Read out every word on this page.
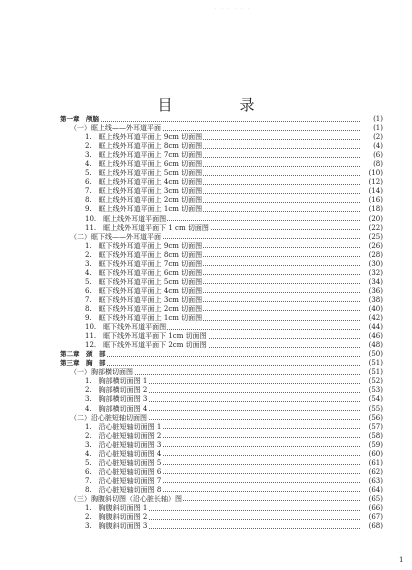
· · · · · ·
目　录
第一章　颅脑	(1)
（一）眶上线——外耳道平面	(1)
1.　眶上线外耳道平面上 9cm 切面图	(2)
2.　眶上线外耳道平面上 8cm 切面图	(4)
3.　眶上线外耳道平面上 7cm 切面图	(6)
4.　眶上线外耳道平面上 6cm 切面图	(8)
5.　眶上线外耳道平面上 5cm 切面图	(10)
6.　眶上线外耳道平面上 4cm 切面图	(12)
7.　眶上线外耳道平面上 3cm 切面图	(14)
8.　眶上线外耳道平面上 2cm 切面图	(16)
9.　眶上线外耳道平面上 1cm 切面图	(18)
10.　眶上线外耳道平面图	(20)
11.　眶上线外耳道平面下 1 cm 切面图	(22)
（二）眶下线——外耳道平面	(25)
1.　眶下线外耳道平面上 9cm 切面图	(26)
2.　眶下线外耳道平面上 8cm 切面图	(28)
3.　眶下线外耳道平面上 7cm 切面图	(30)
4.　眶下线外耳道平面上 6cm 切面图	(32)
5.　眶下线外耳道平面上 5cm 切面图	(34)
6.　眶下线外耳道平面上 4cm 切面图	(36)
7.　眶下线外耳道平面上 3cm 切面图	(38)
8.　眶下线外耳道平面上 2cm 切面图	(40)
9.　眶下线外耳道平面上 1cm 切面图	(42)
10.　眶下线外耳道平面图	(44)
11.　眶下线外耳道平面下 1cm 切面图	(46)
12.　眶下线外耳道平面下 2cm 切面图	(48)
第二章　颈　部	(50)
第三章　胸　部	(51)
（一）胸部横切面图	(51)
1.　胸部横切面图 1	(52)
2.　胸部横切面图 2	(53)
3.　胸部横切面图 3	(54)
4.　胸部横切面图 4	(55)
（二）沿心脏短轴切面图	(56)
1.　沿心脏短轴切面图 1	(57)
2.　沿心脏短轴切面图 2	(58)
3.　沿心脏短轴切面图 3	(59)
4.　沿心脏短轴切面图 4	(60)
5.　沿心脏短轴切面图 5	(61)
6.　沿心脏短轴切面图 6	(62)
7.　沿心脏短轴切面图 7	(63)
8.　沿心脏短轴切面图 8	(64)
（三）胸腹斜切图（沿心脏长轴）图	(65)
1.　胸腹斜切面图 1	(66)
2.　胸腹斜切面图 2	(67)
3.　胸腹斜切面图 3	(68)
1
